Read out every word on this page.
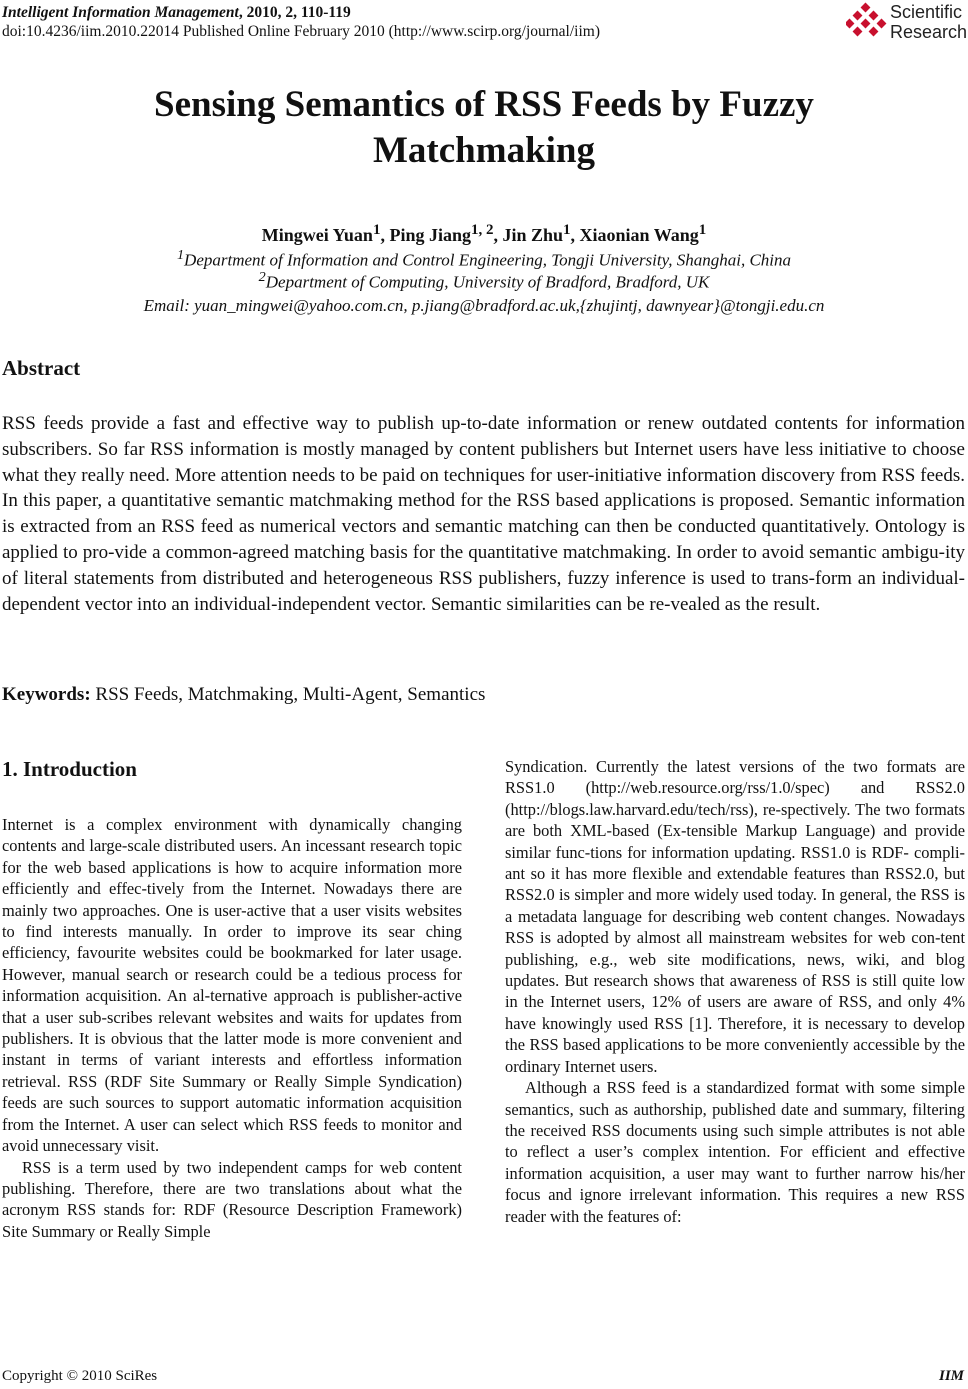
Intelligent Information Management, 2010, 2, 110-119
doi:10.4236/iim.2010.22014 Published Online February 2010 (http://www.scirp.org/journal/iim)
Scientific
Research
Sensing Semantics of RSS Feeds by Fuzzy Matchmaking
Mingwei Yuan$^1$, Ping Jiang$^{1, 2}$, Jin Zhu$^1$, Xiaonian Wang$^1$
$^1$Department of Information and Control Engineering, Tongji University, Shanghai, China
$^2$Department of Computing, University of Bradford, Bradford, UK
Email: yuan_mingwei@yahoo.com.cn, p.jiang@bradford.ac.uk,{zhujintj, dawnyear}@tongji.edu.cn
Abstract
RSS feeds provide a fast and effective way to publish up-to-date information or renew outdated contents for information subscribers. So far RSS information is mostly managed by content publishers but Internet users have less initiative to choose what they really need. More attention needs to be paid on techniques for user-initiative information discovery from RSS feeds. In this paper, a quantitative semantic matchmaking method for the RSS based applications is proposed. Semantic information is extracted from an RSS feed as numerical vectors and semantic matching can then be conducted quantitatively. Ontology is applied to pro-vide a common-agreed matching basis for the quantitative matchmaking. In order to avoid semantic ambigu-ity of literal statements from distributed and heterogeneous RSS publishers, fuzzy inference is used to trans-form an individual-dependent vector into an individual-independent vector. Semantic similarities can be re-vealed as the result.
Keywords: RSS Feeds, Matchmaking, Multi-Agent, Semantics
1. Introduction

Internet is a complex environment with dynamically changing contents and large-scale distributed users. An incessant research topic for the web based applications is how to acquire information more efficiently and effec-tively from the Internet. Nowadays there are mainly two approaches. One is user-active that a user visits websites to find interests manually. In order to improve its sear ching efficiency, favourite websites could be bookmarked for later usage. However, manual search or research could be a tedious process for information acquisition. An al-ternative approach is publisher-active that a user sub-scribes relevant websites and waits for updates from publishers. It is obvious that the latter mode is more convenient and instant in terms of variant interests and effortless information retrieval. RSS (RDF Site Summary or Really Simple Syndication) feeds are such sources to support automatic information acquisition from the Internet. A user can select which RSS feeds to monitor and avoid unnecessary visit.

RSS is a term used by two independent camps for web content publishing. Therefore, there are two translations about what the acronym RSS stands for: RDF (Resource Description Framework) Site Summary or Really Simple

Syndication. Currently the latest versions of the two formats are RSS1.0 (http://web.resource.org/rss/1.0/spec) and RSS2.0 (http://blogs.law.harvard.edu/tech/rss), re-spectively. The two formats are both XML-based (Ex-tensible Markup Language) and provide similar func-tions for information updating. RSS1.0 is RDF- compli-ant so it has more flexible and extendable features than RSS2.0, but RSS2.0 is simpler and more widely used today. In general, the RSS is a metadata language for describing web content changes. Nowadays RSS is adopted by almost all mainstream websites for web con-tent publishing, e.g., web site modifications, news, wiki, and blog updates. But research shows that awareness of RSS is still quite low in the Internet users, 12% of users are aware of RSS, and only 4% have knowingly used RSS [1]. Therefore, it is necessary to develop the RSS based applications to be more conveniently accessible by the ordinary Internet users.

Although a RSS feed is a standardized format with some simple semantics, such as authorship, published date and summary, filtering the received RSS documents using such simple attributes is not able to reflect a user’s complex intention. For efficient and effective information acquisition, a user may want to further narrow his/her focus and ignore irrelevant information. This requires a new RSS reader with the features of:

Copyright © 2010 SciRes	IIM
